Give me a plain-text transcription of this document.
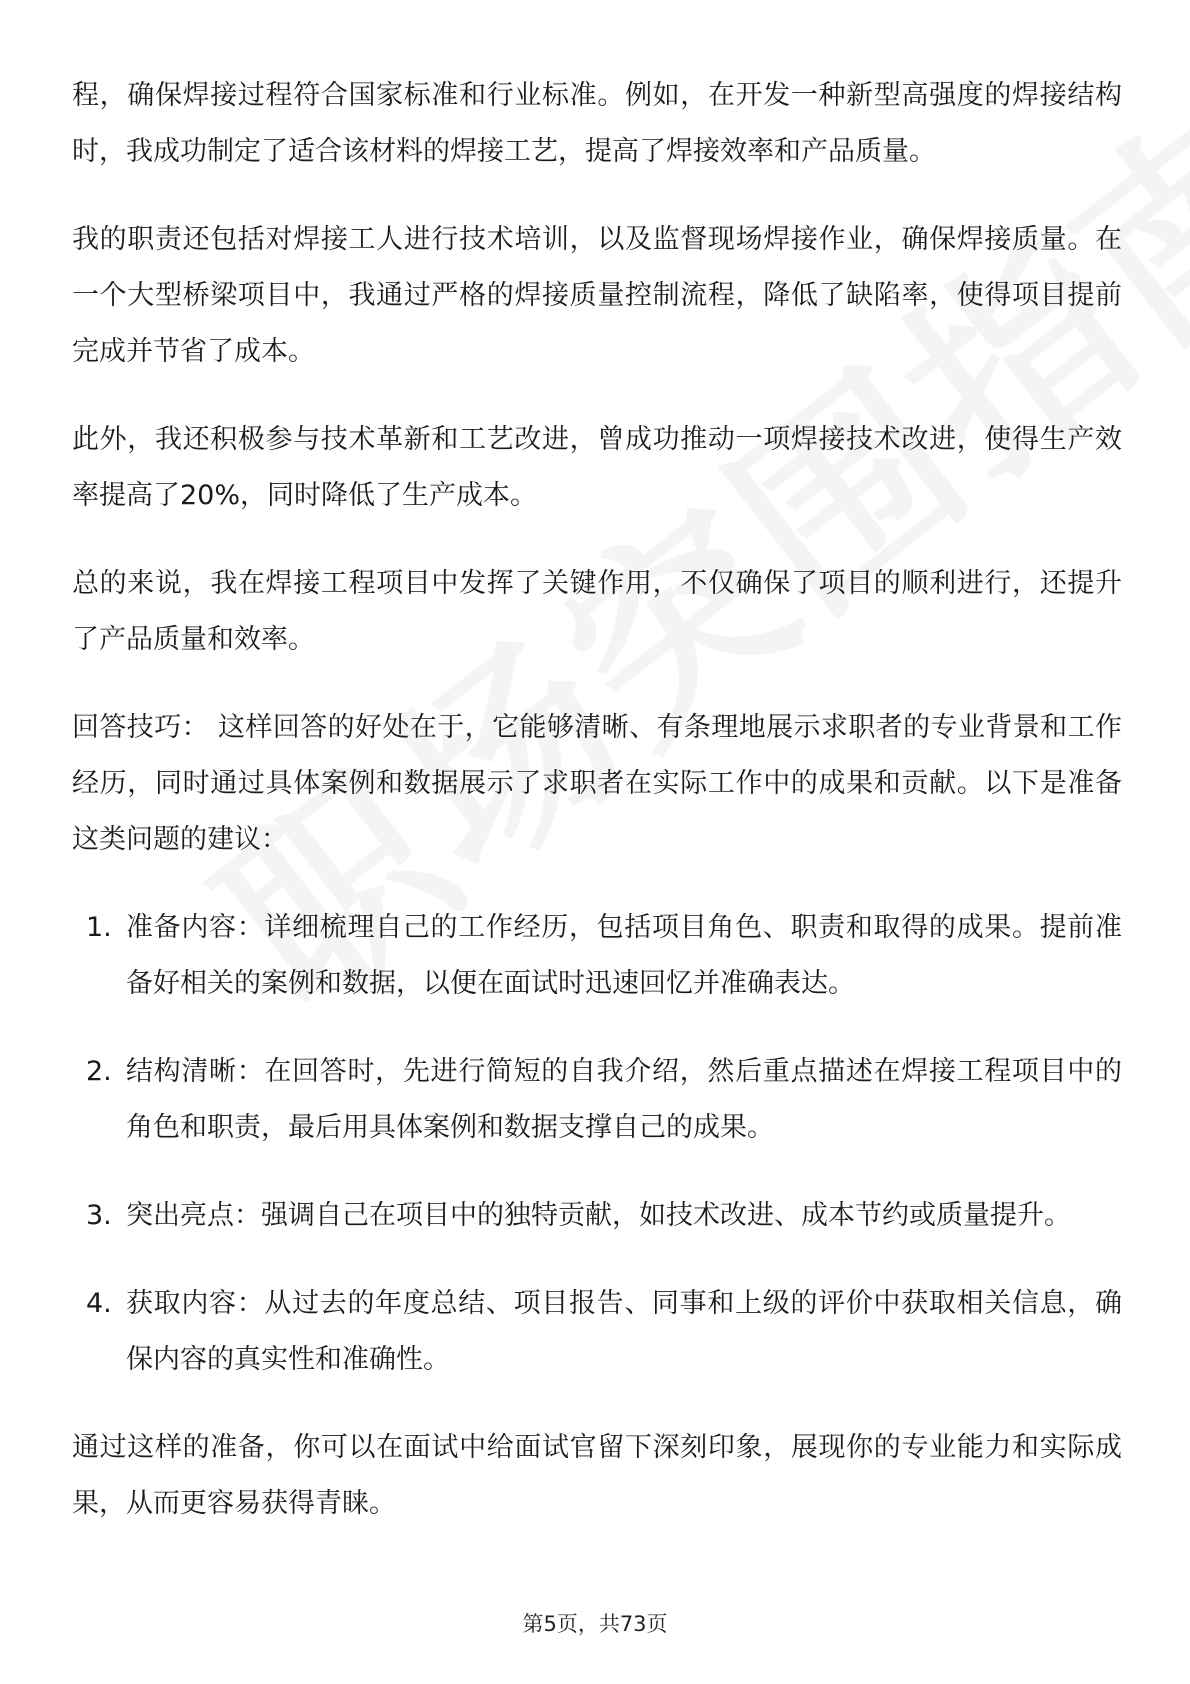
程，确保焊接过程符合国家标准和行业标准。例如，在开发一种新型高强度的焊接结构时，我成功制定了适合该材料的焊接工艺，提高了焊接效率和产品质量。

我的职责还包括对焊接工人进行技术培训，以及监督现场焊接作业，确保焊接质量。在一个大型桥梁项目中，我通过严格的焊接质量控制流程，降低了缺陷率，使得项目提前完成并节省了成本。

此外，我还积极参与技术革新和工艺改进，曾成功推动一项焊接技术改进，使得生产效率提高了20%，同时降低了生产成本。

总的来说，我在焊接工程项目中发挥了关键作用，不仅确保了项目的顺利进行，还提升了产品质量和效率。

回答技巧： 这样回答的好处在于，它能够清晰、有条理地展示求职者的专业背景和工作经历，同时通过具体案例和数据展示了求职者在实际工作中的成果和贡献。以下是准备这类问题的建议：

1. 准备内容：详细梳理自己的工作经历，包括项目角色、职责和取得的成果。提前准备好相关的案例和数据，以便在面试时迅速回忆并准确表达。
2. 结构清晰：在回答时，先进行简短的自我介绍，然后重点描述在焊接工程项目中的角色和职责，最后用具体案例和数据支撑自己的成果。
3. 突出亮点：强调自己在项目中的独特贡献，如技术改进、成本节约或质量提升。
4. 获取内容：从过去的年度总结、项目报告、同事和上级的评价中获取相关信息，确保内容的真实性和准确性。

通过这样的准备，你可以在面试中给面试官留下深刻印象，展现你的专业能力和实际成果，从而更容易获得青睐。

第5页，共73页
